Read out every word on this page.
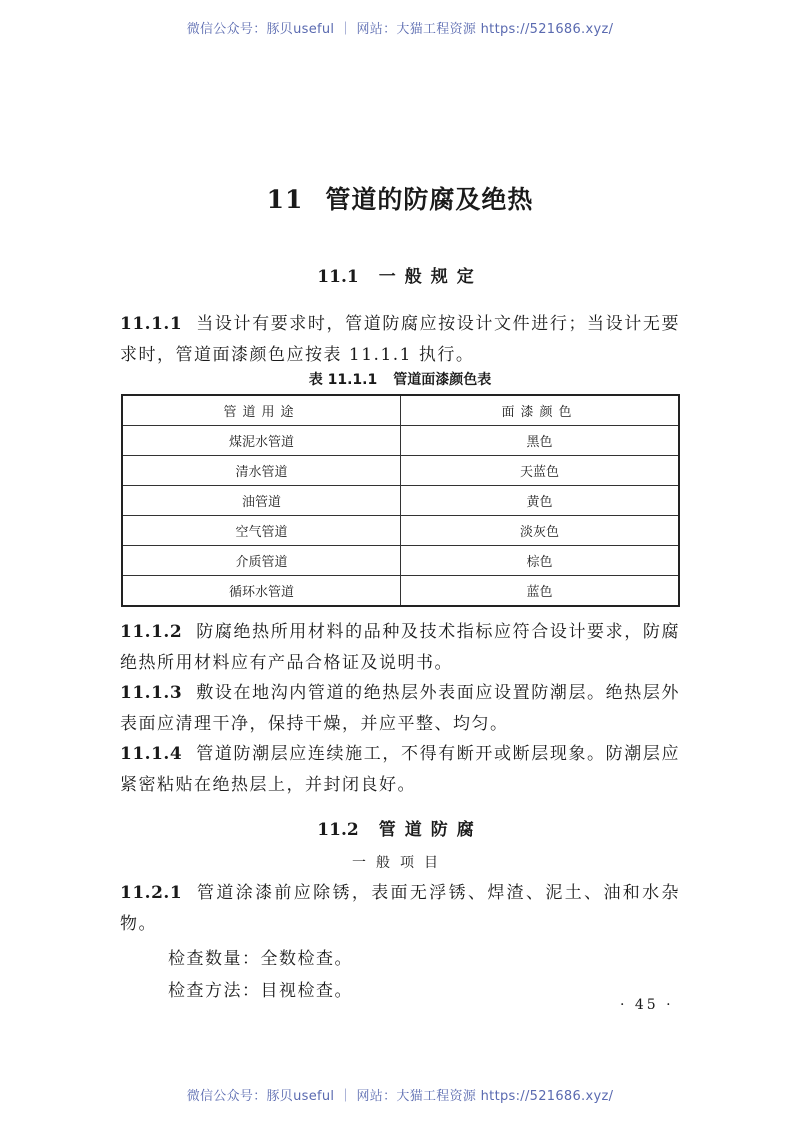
微信公众号：豚贝useful ｜ 网站：大猫工程资源 https://521686.xyz/
11 管道的防腐及绝热
11.1 一般规定
11.1.1 当设计有要求时，管道防腐应按设计文件进行；当设计无要求时，管道面漆颜色应按表 11.1.1 执行。
表 11.1.1 管道面漆颜色表
管道用途	面漆颜色
煤泥水管道	黑色
清水管道	天蓝色
油管道	黄色
空气管道	淡灰色
介质管道	棕色
循环水管道	蓝色
11.1.2 防腐绝热所用材料的品种及技术指标应符合设计要求，防腐绝热所用材料应有产品合格证及说明书。
11.1.3 敷设在地沟内管道的绝热层外表面应设置防潮层。绝热层外表面应清理干净，保持干燥，并应平整、均匀。
11.1.4 管道防潮层应连续施工，不得有断开或断层现象。防潮层应紧密粘贴在绝热层上，并封闭良好。
11.2 管道防腐
一般项目
11.2.1 管道涂漆前应除锈，表面无浮锈、焊渣、泥土、油和水杂物。
检查数量：全数检查。
检查方法：目视检查。
· 45 ·
微信公众号：豚贝useful ｜ 网站：大猫工程资源 https://521686.xyz/
